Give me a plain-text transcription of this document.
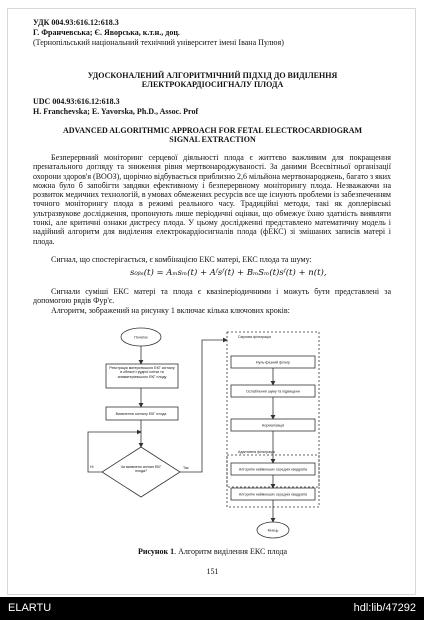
УДК 004.93:616.12:618.3
Г. Франчевська; Є. Яворська, к.т.н., доц.
(Тернопільський національний технічний університет імені Івана Пулюя)
УДОСКОНАЛЕНИЙ АЛГОРИТМІЧНИЙ ПІДХІД ДО ВИДІЛЕННЯ
ЕЛЕКТРОКАРДІОСИГНАЛУ ПЛОДА
UDC 004.93:616.12:618.3
H. Franchevska; E. Yavorska, Ph.D., Assoc. Prof
ADVANCED ALGORITHMIC APPROACH FOR FETAL ELECTROCARDIOGRAM
SIGNAL EXTRACTION
Безперервний моніторинг серцевої діяльності плода є життєво важливим для покращення пренатального догляду та зниження рівня мертвонароджуваності. За даними Всесвітньої організації охорони здоров'я (ВООЗ), щорічно відбувається приблизно 2,6 мільйона мертвонароджень, багато з яких можна було б запобігти завдяки ефективному і безперервному моніторингу плода. Незважаючи на розвиток медичних технологій, в умовах обмежених ресурсів все ще існують проблеми із забезпеченням точного моніторингу плода в режимі реального часу. Традиційні методи, такі як доплерівські ультразвукове дослідження, пропонують лише періодичні оцінки, що обмежує їхню здатність виявляти тонкі, але критичні ознаки дистресу плода. У цьому дослідженні представлено математичну модель і надійний алгоритм для виділення електрокардіосигналів плода (фЕКС) зі змішаних записів матері і плода.
Сигнал, що спостерігається, є комбінацією ЕКС матері, ЕКС плода та шуму:
s₀ᵦₛ(t) = Aₘsₘ(t) + Aᶠsᶠ(t) + BₘSₘ(t)sᶠ(t) + n(t),
Сигнали суміші ЕКС матері та плода є квазіперіодичними і можуть бути представлені за допомогою рядів Фур'є.
Алгоритм, зображений на рисунку 1 включає кілька ключових кроків:
Початок
Реєстрація материнського ЕКГ сигналу в області грудної клітки та анаматеринського ЕКГ плоду
Виявлення сигналу ЕКГ плода
Чи виявлено сигнал ЕКГ плода?
Так
Ні
Смугова фільтрація
Нуль-фазний фільтр
Ослаблення шуму та підвищенн
Нормалізація
Адаптивна фільтрація
Алгоритм найменших середніх квадратів
Алгоритм найменших середніх квадратів
Кінець
Рисунок 1. Алгоритм виділення ЕКС плода
151
ELARTU	hdl:lib/47292
